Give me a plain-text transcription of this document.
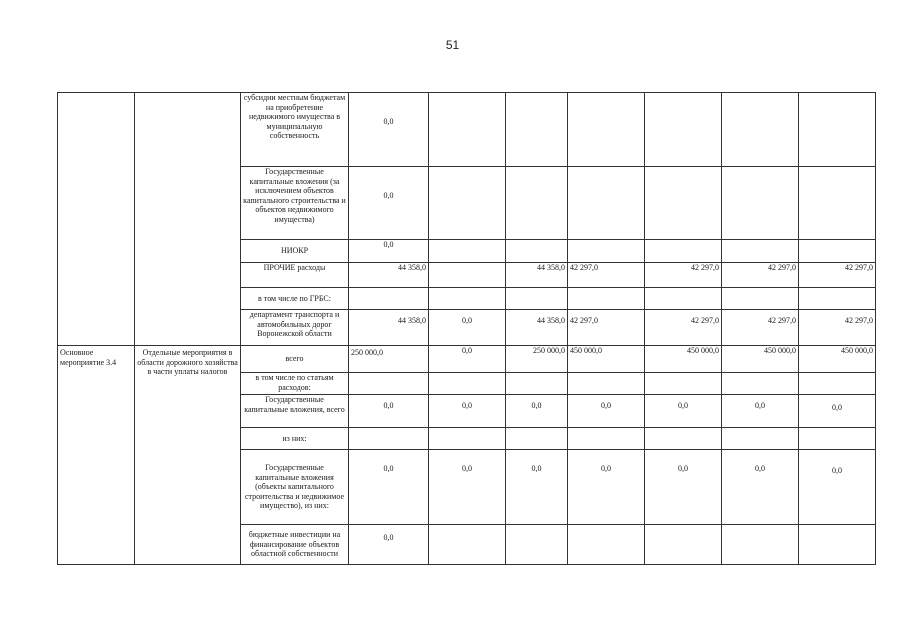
51
		субсидии местным бюджетам на приобретение недвижимого имущества в муниципальную собственность	0,0						
		Государственные капитальные вложения (за исключением объектов капитального строительства и объектов недвижимого имущества)	0,0						
		НИОКР	0,0						
		ПРОЧИЕ расходы	44 358,0		44 358,0	42 297,0	42 297,0	42 297,0	42 297,0
		в том числе по ГРБС:							
		департамент транспорта и автомобильных дорог Воронежской области	44 358,0	0,0	44 358,0	42 297,0	42 297,0	42 297,0	42 297,0
Основное мероприятие 3.4	Отдельные мероприятия в области дорожного хозяйства в части уплаты налогов	всего	250 000,0	0,0	250 000,0	450 000,0	450 000,0	450 000,0	450 000,0
		в том числе по статьям расходов:							
		Государственные капитальные вложения, всего	0,0	0,0	0,0	0,0	0,0	0,0	0,0
		из них:							
		Государственные капитальные вложения (объекты капитального строительства и недвижимое имущество), из них:	0,0	0,0	0,0	0,0	0,0	0,0	0,0
		бюджетные инвестиции на финансирование объектов областной собственности	0,0						
